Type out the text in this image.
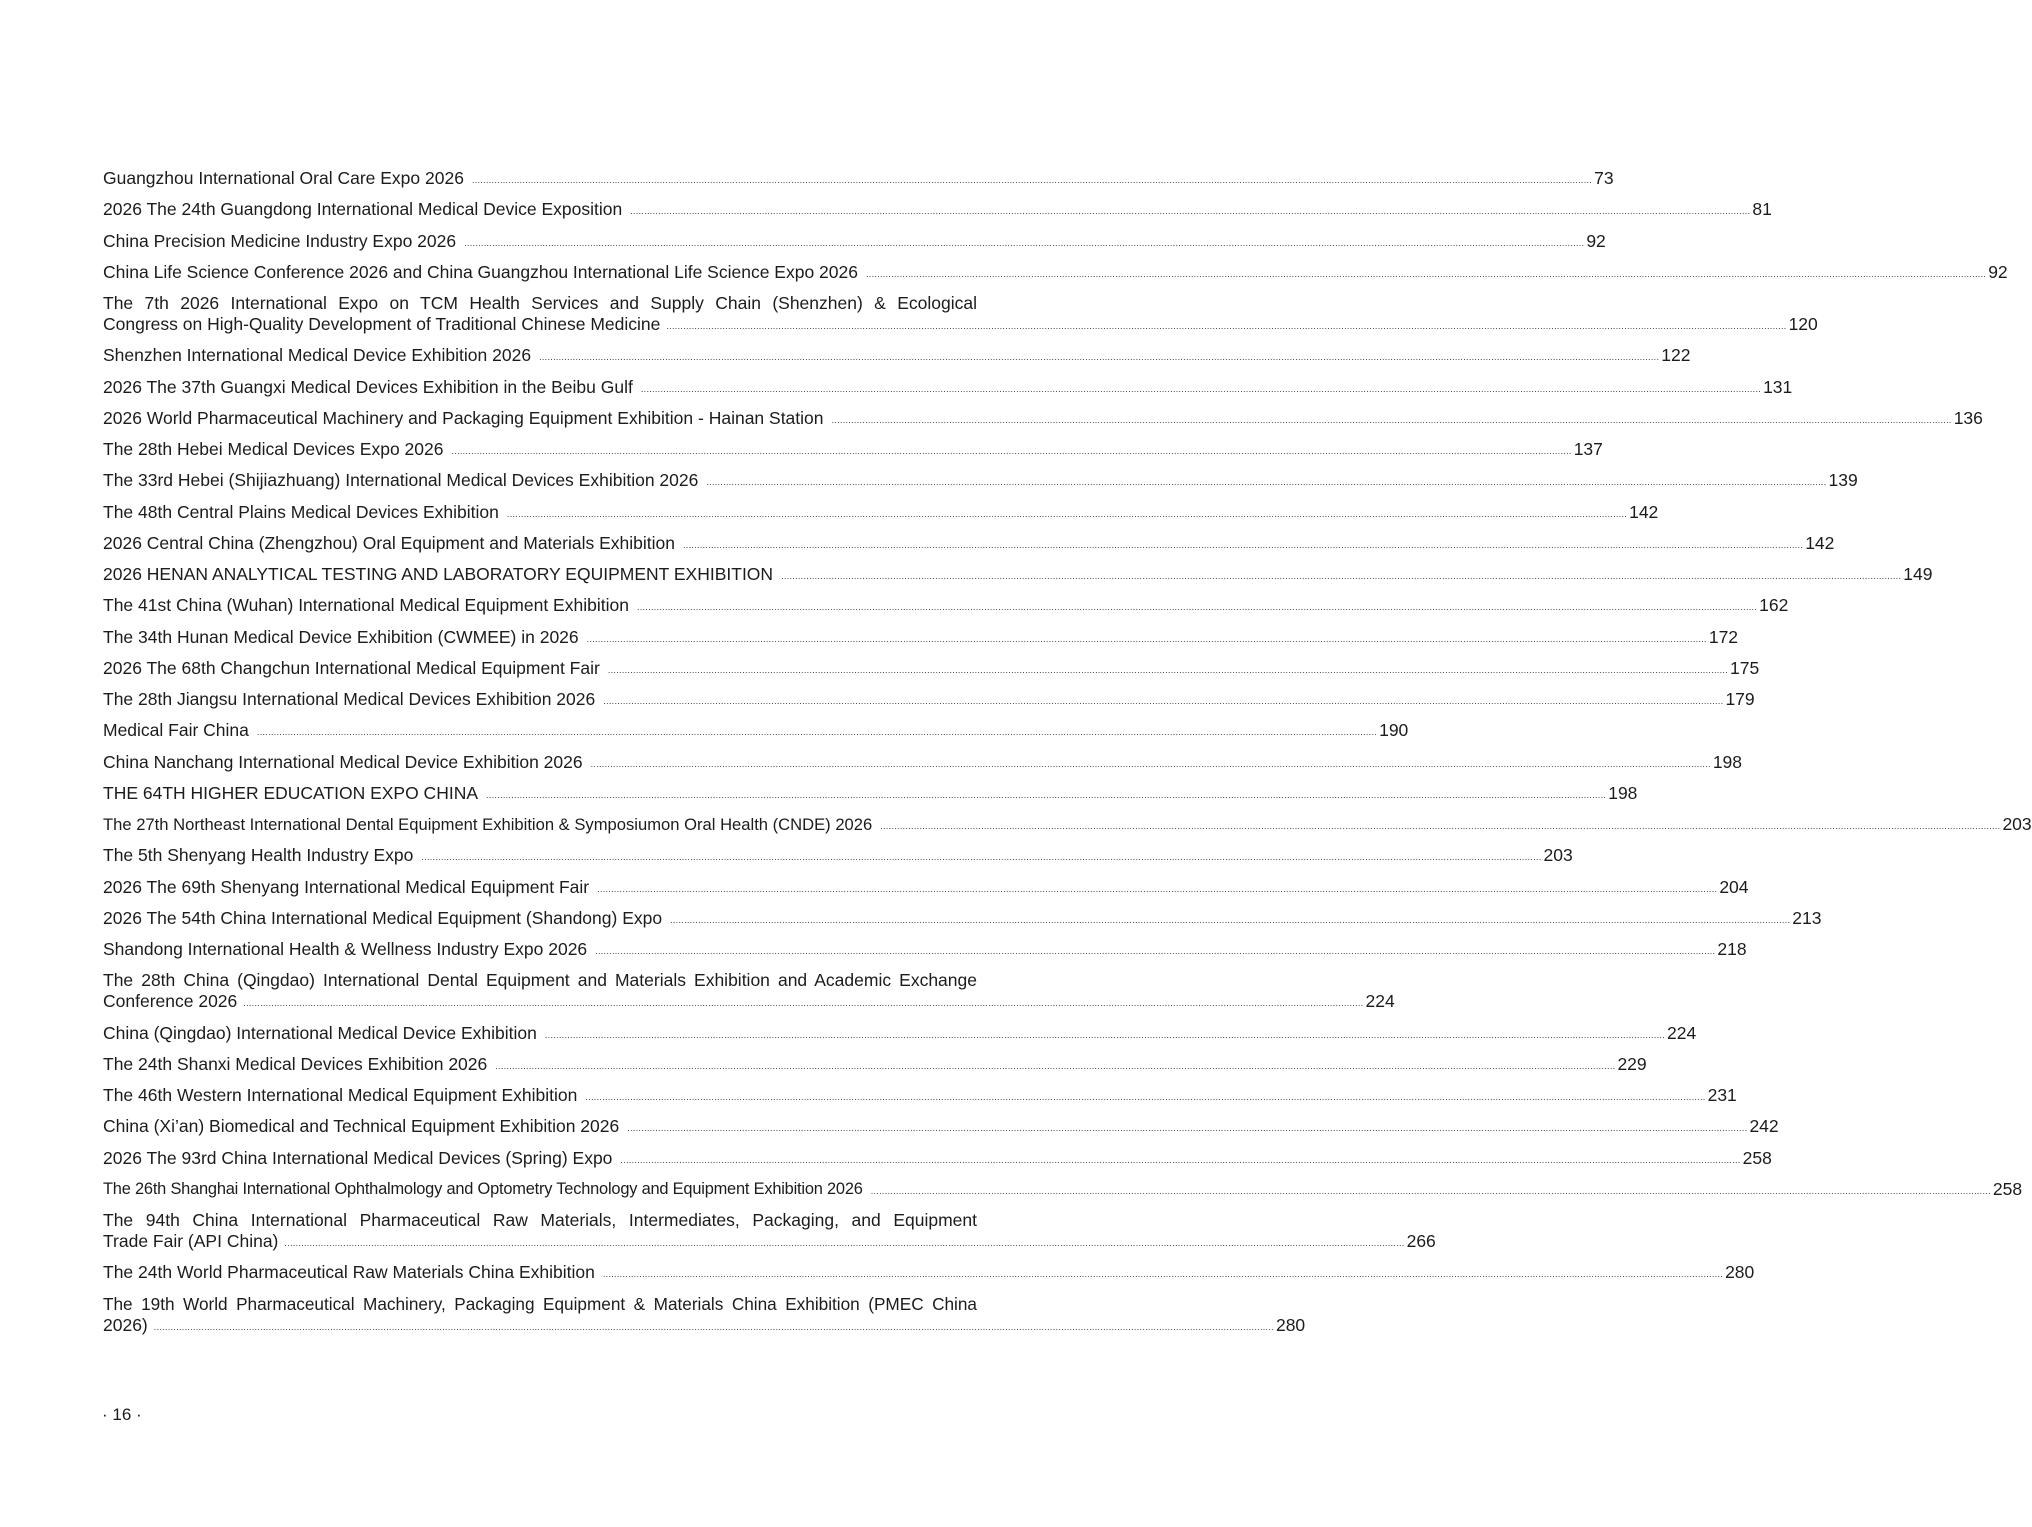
Guangzhou International Oral Care Expo 2026 ................................................................................................................................................................................................................................................................................................................................................................................................................ 73
2026 The 24th Guangdong International Medical Device Exposition ................................................................................................................................................................................................................................................................................................................................................................................................................ 81
China Precision Medicine Industry Expo 2026 ................................................................................................................................................................................................................................................................................................................................................................................................................ 92
China Life Science Conference 2026 and China Guangzhou International Life Science Expo 2026 ................................................................................................................................................................................................................................................................................................................................................................................................................ 92
The 7th 2026 International Expo on TCM Health Services and Supply Chain (Shenzhen) & Ecological
Congress on High-Quality Development of Traditional Chinese Medicine ................................................................................................................................................................................................................................................................................................................................................................................................................ 120
Shenzhen International Medical Device Exhibition 2026 ................................................................................................................................................................................................................................................................................................................................................................................................................ 122
2026 The 37th Guangxi Medical Devices Exhibition in the Beibu Gulf ................................................................................................................................................................................................................................................................................................................................................................................................................ 131
2026 World Pharmaceutical Machinery and Packaging Equipment Exhibition - Hainan Station ................................................................................................................................................................................................................................................................................................................................................................................................................ 136
The 28th Hebei Medical Devices Expo 2026 ................................................................................................................................................................................................................................................................................................................................................................................................................ 137
The 33rd Hebei (Shijiazhuang) International Medical Devices Exhibition 2026 ................................................................................................................................................................................................................................................................................................................................................................................................................ 139
The 48th Central Plains Medical Devices Exhibition ................................................................................................................................................................................................................................................................................................................................................................................................................ 142
2026 Central China (Zhengzhou) Oral Equipment and Materials Exhibition ................................................................................................................................................................................................................................................................................................................................................................................................................ 142
2026 HENAN ANALYTICAL TESTING AND LABORATORY EQUIPMENT EXHIBITION ................................................................................................................................................................................................................................................................................................................................................................................................................ 149
The 41st China (Wuhan) International Medical Equipment Exhibition ................................................................................................................................................................................................................................................................................................................................................................................................................ 162
The 34th Hunan Medical Device Exhibition (CWMEE) in 2026 ................................................................................................................................................................................................................................................................................................................................................................................................................ 172
2026 The 68th Changchun International Medical Equipment Fair ................................................................................................................................................................................................................................................................................................................................................................................................................ 175
The 28th Jiangsu International Medical Devices Exhibition 2026 ................................................................................................................................................................................................................................................................................................................................................................................................................ 179
Medical Fair China ................................................................................................................................................................................................................................................................................................................................................................................................................ 190
China Nanchang International Medical Device Exhibition 2026 ................................................................................................................................................................................................................................................................................................................................................................................................................ 198
THE 64TH HIGHER EDUCATION EXPO CHINA ................................................................................................................................................................................................................................................................................................................................................................................................................ 198
The 27th Northeast International Dental Equipment Exhibition & Symposiumon Oral Health (CNDE) 2026 ................................................................................................................................................................................................................................................................................................................................................................................................................ 203
The 5th Shenyang Health Industry Expo ................................................................................................................................................................................................................................................................................................................................................................................................................ 203
2026 The 69th Shenyang International Medical Equipment Fair ................................................................................................................................................................................................................................................................................................................................................................................................................ 204
2026 The 54th China International Medical Equipment (Shandong) Expo ................................................................................................................................................................................................................................................................................................................................................................................................................ 213
Shandong International Health & Wellness Industry Expo 2026 ................................................................................................................................................................................................................................................................................................................................................................................................................ 218
The 28th China (Qingdao) International Dental Equipment and Materials Exhibition and Academic Exchange
Conference 2026 ................................................................................................................................................................................................................................................................................................................................................................................................................ 224
China (Qingdao) International Medical Device Exhibition ................................................................................................................................................................................................................................................................................................................................................................................................................ 224
The 24th Shanxi Medical Devices Exhibition 2026 ................................................................................................................................................................................................................................................................................................................................................................................................................ 229
The 46th Western International Medical Equipment Exhibition ................................................................................................................................................................................................................................................................................................................................................................................................................ 231
China (Xi’an) Biomedical and Technical Equipment Exhibition 2026 ................................................................................................................................................................................................................................................................................................................................................................................................................ 242
2026 The 93rd China International Medical Devices (Spring) Expo ................................................................................................................................................................................................................................................................................................................................................................................................................ 258
The 26th Shanghai International Ophthalmology and Optometry Technology and Equipment Exhibition 2026 ................................................................................................................................................................................................................................................................................................................................................................................................................ 258
The 94th China International Pharmaceutical Raw Materials, Intermediates, Packaging, and Equipment
Trade Fair (API China) ................................................................................................................................................................................................................................................................................................................................................................................................................ 266
The 24th World Pharmaceutical Raw Materials China Exhibition ................................................................................................................................................................................................................................................................................................................................................................................................................ 280
The 19th World Pharmaceutical Machinery, Packaging Equipment & Materials China Exhibition (PMEC China
2026) ................................................................................................................................................................................................................................................................................................................................................................................................................ 280
· 16 ·
